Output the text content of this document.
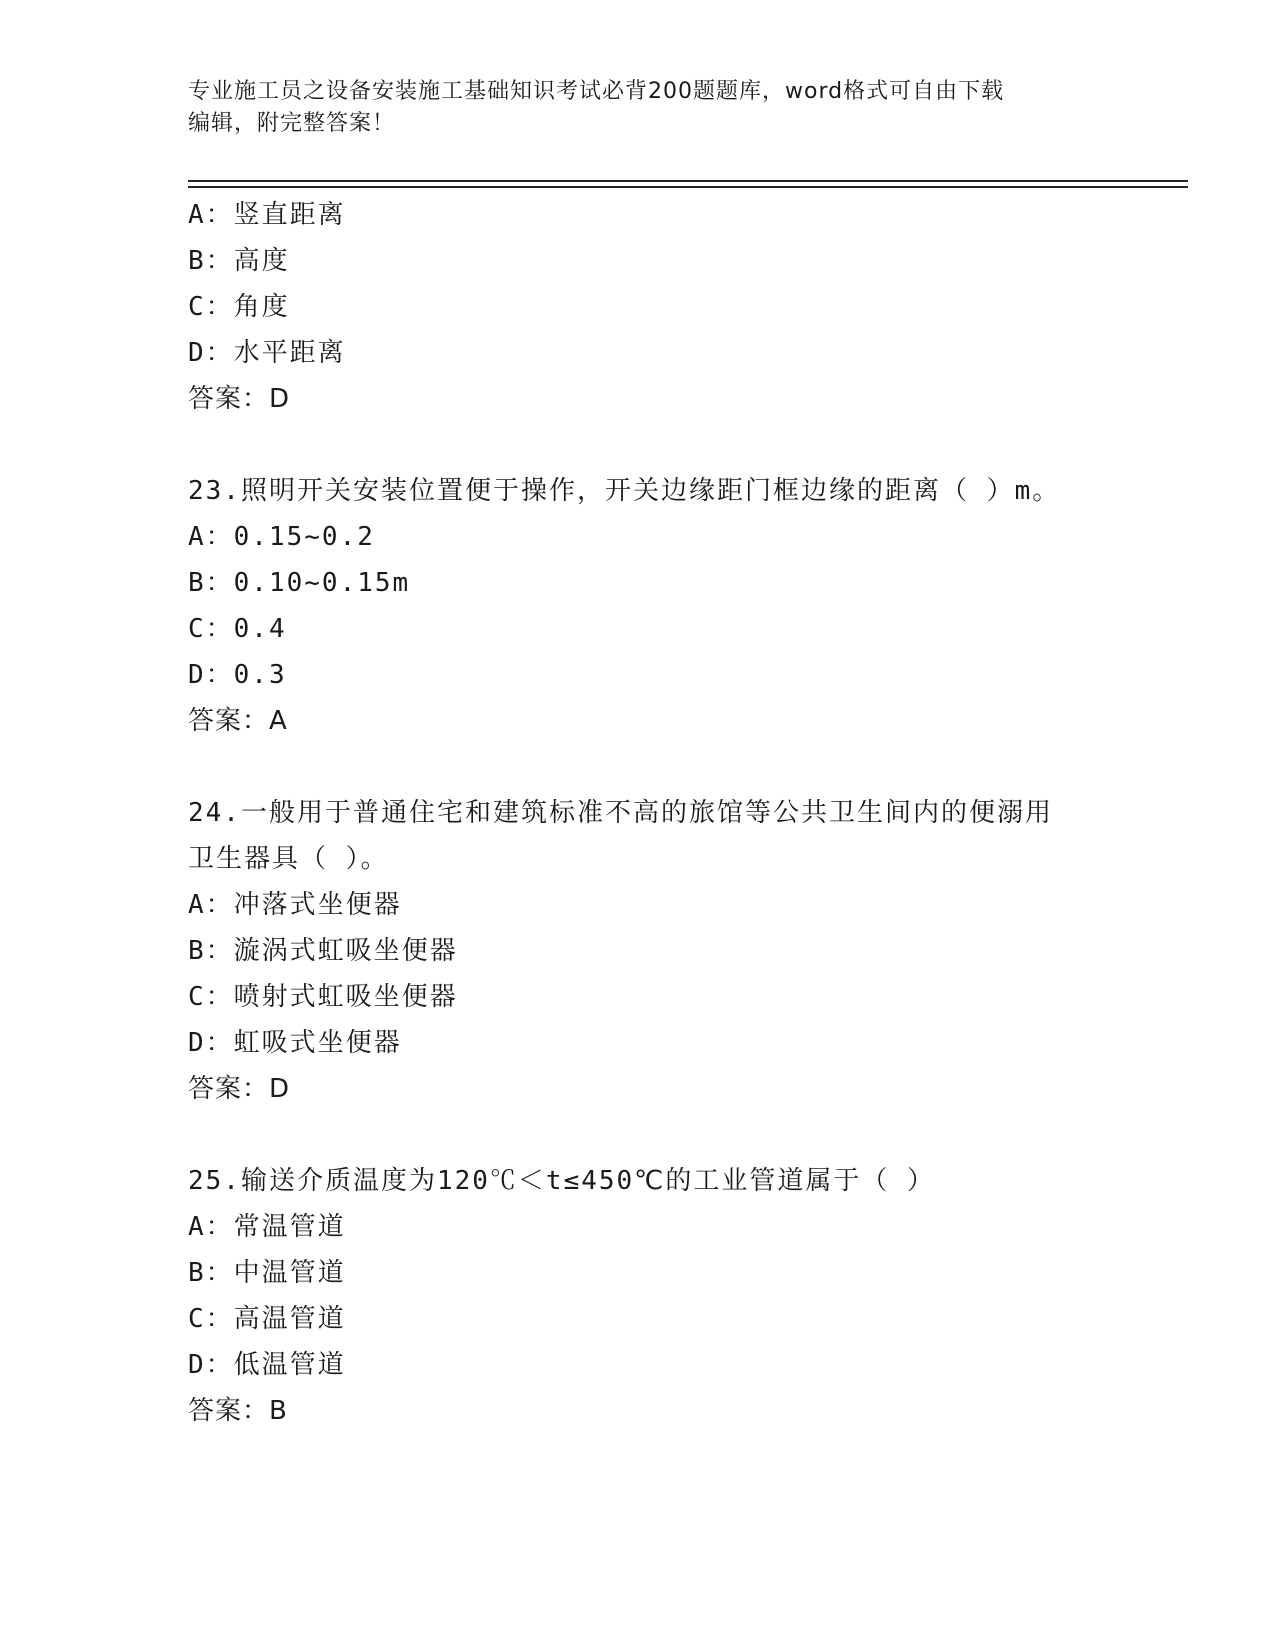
专业施工员之设备安装施工基础知识考试必背200题题库，word格式可自由下载
编辑，附完整答案！
A：竖直距离
B：高度
C：角度
D：水平距离
答案：D
23.照明开关安装位置便于操作，开关边缘距门框边缘的距离（ ）m。
A：0.15~0.2
B：0.10~0.15m
C：0.4
D：0.3
答案：A
24.一般用于普通住宅和建筑标准不高的旅馆等公共卫生间内的便溺用
卫生器具（ ）。
A：冲落式坐便器
B：漩涡式虹吸坐便器
C：喷射式虹吸坐便器
D：虹吸式坐便器
答案：D
25.输送介质温度为120℃＜t≤450℃的工业管道属于（ ）
A：常温管道
B：中温管道
C：高温管道
D：低温管道
答案：B
